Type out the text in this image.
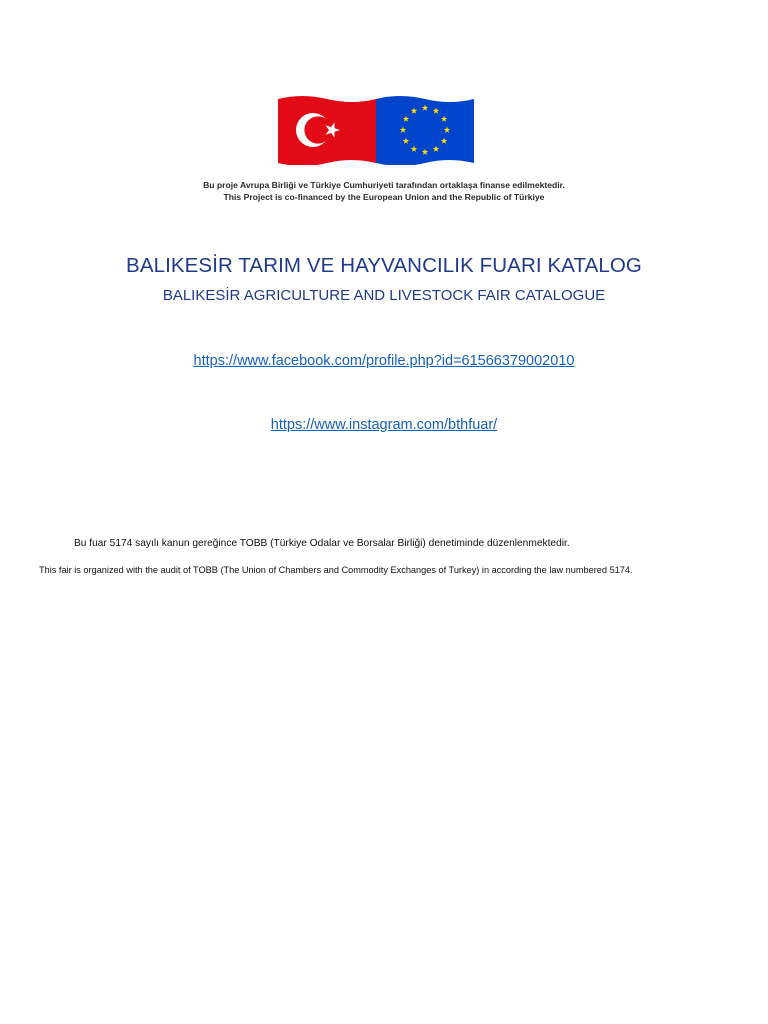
Bu proje Avrupa Birliği ve Türkiye Cumhuriyeti tarafından ortaklaşa finanse edilmektedir.
This Project is co-financed by the European Union and the Republic of Türkiye
BALIKESİR TARIM VE HAYVANCILIK FUARI KATALOG
BALIKESİR AGRICULTURE AND LIVESTOCK FAIR CATALOGUE
https://www.facebook.com/profile.php?id=61566379002010
https://www.instagram.com/bthfuar/
Bu fuar 5174 sayılı kanun gereğince TOBB (Türkiye Odalar ve Borsalar Birliği) denetiminde düzenlenmektedir.
This fair is organized with the audit of TOBB (The Union of Chambers and Commodity Exchanges of Turkey) in according the law numbered 5174.
